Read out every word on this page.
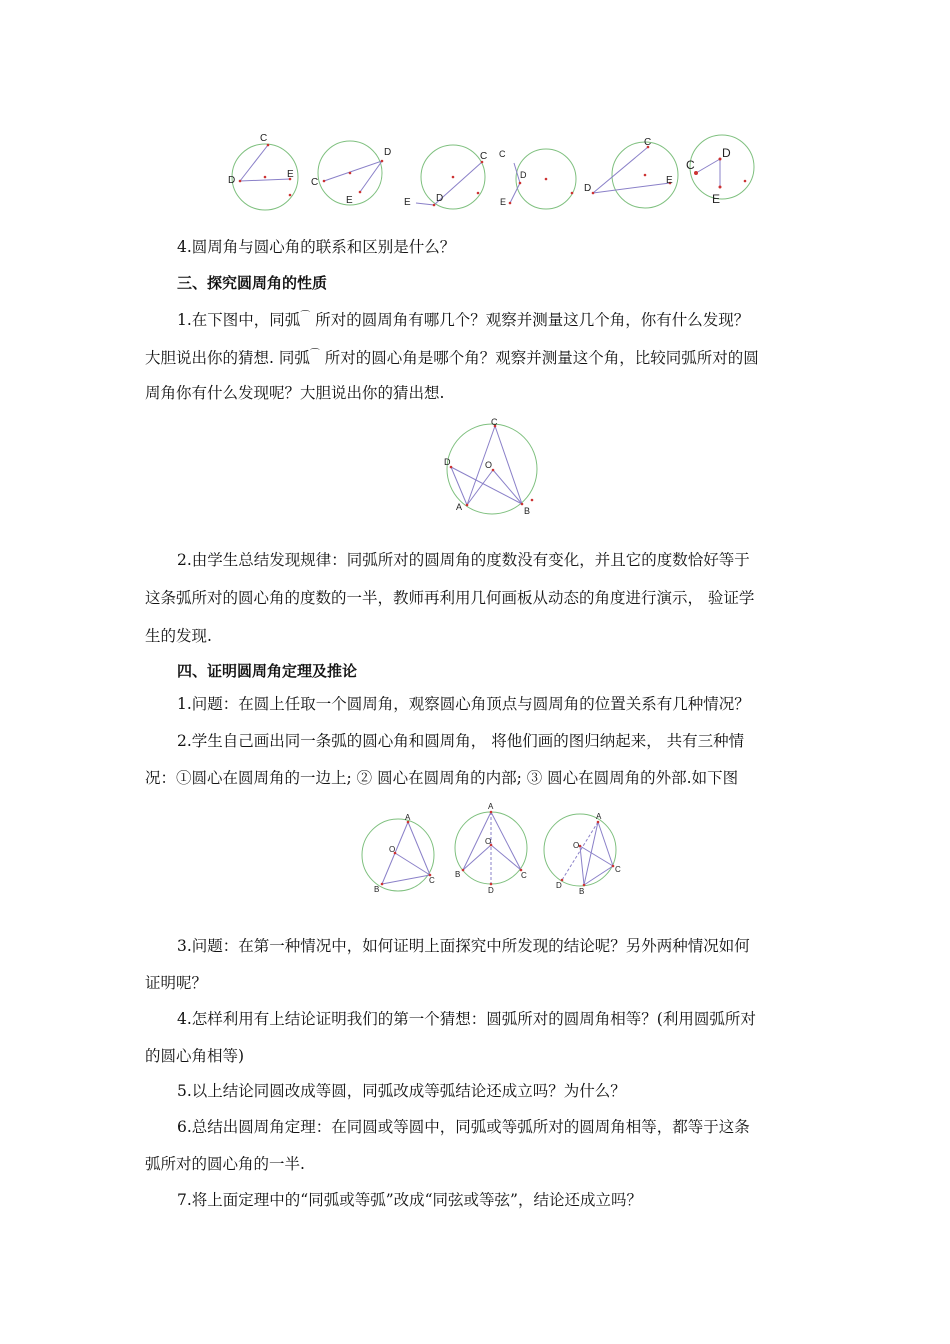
C
D
E
D
C
E
C
E	D
C
D
E
C
D
E
C
D
E
4.圆周角与圆心角的联系和区别是什么？
三、探究圆周角的性质
1.在下图中，同弧⌒ 所对的圆周角有哪几个？观察并测量这几个角，你有什么发现？
大胆说出你的猜想. 同弧⌒ 所对的圆心角是哪个角？观察并测量这个角，比较同弧所对的圆
周角你有什么发现呢？大胆说出你的猜出想.
C
D	O
A	B
2.由学生总结发现规律：同弧所对的圆周角的度数没有变化，并且它的度数恰好等于
这条弧所对的圆心角的度数的一半，教师再利用几何画板从动态的角度进行演示， 验证学
生的发现.
四、证明圆周角定理及推论
1.问题：在圆上任取一个圆周角，观察圆心角顶点与圆周角的位置关系有几种情况？
2.学生自己画出同一条弧的圆心角和圆周角， 将他们画的图归纳起来， 共有三种情
况：①圆心在圆周角的一边上; ② 圆心在圆周角的内部; ③ 圆心在圆周角的外部.如下图
A
O
B
C
A
O
B	C
D
A
O
C
D
B
3.问题：在第一种情况中，如何证明上面探究中所发现的结论呢？另外两种情况如何
证明呢？
4.怎样利用有上结论证明我们的第一个猜想：圆弧所对的圆周角相等？(利用圆弧所对
的圆心角相等)
5.以上结论同圆改成等圆，同弧改成等弧结论还成立吗？为什么？
6.总结出圆周角定理：在同圆或等圆中，同弧或等弧所对的圆周角相等，都等于这条
弧所对的圆心角的一半.
7.将上面定理中的“同弧或等弧”改成“同弦或等弦”，结论还成立吗？
